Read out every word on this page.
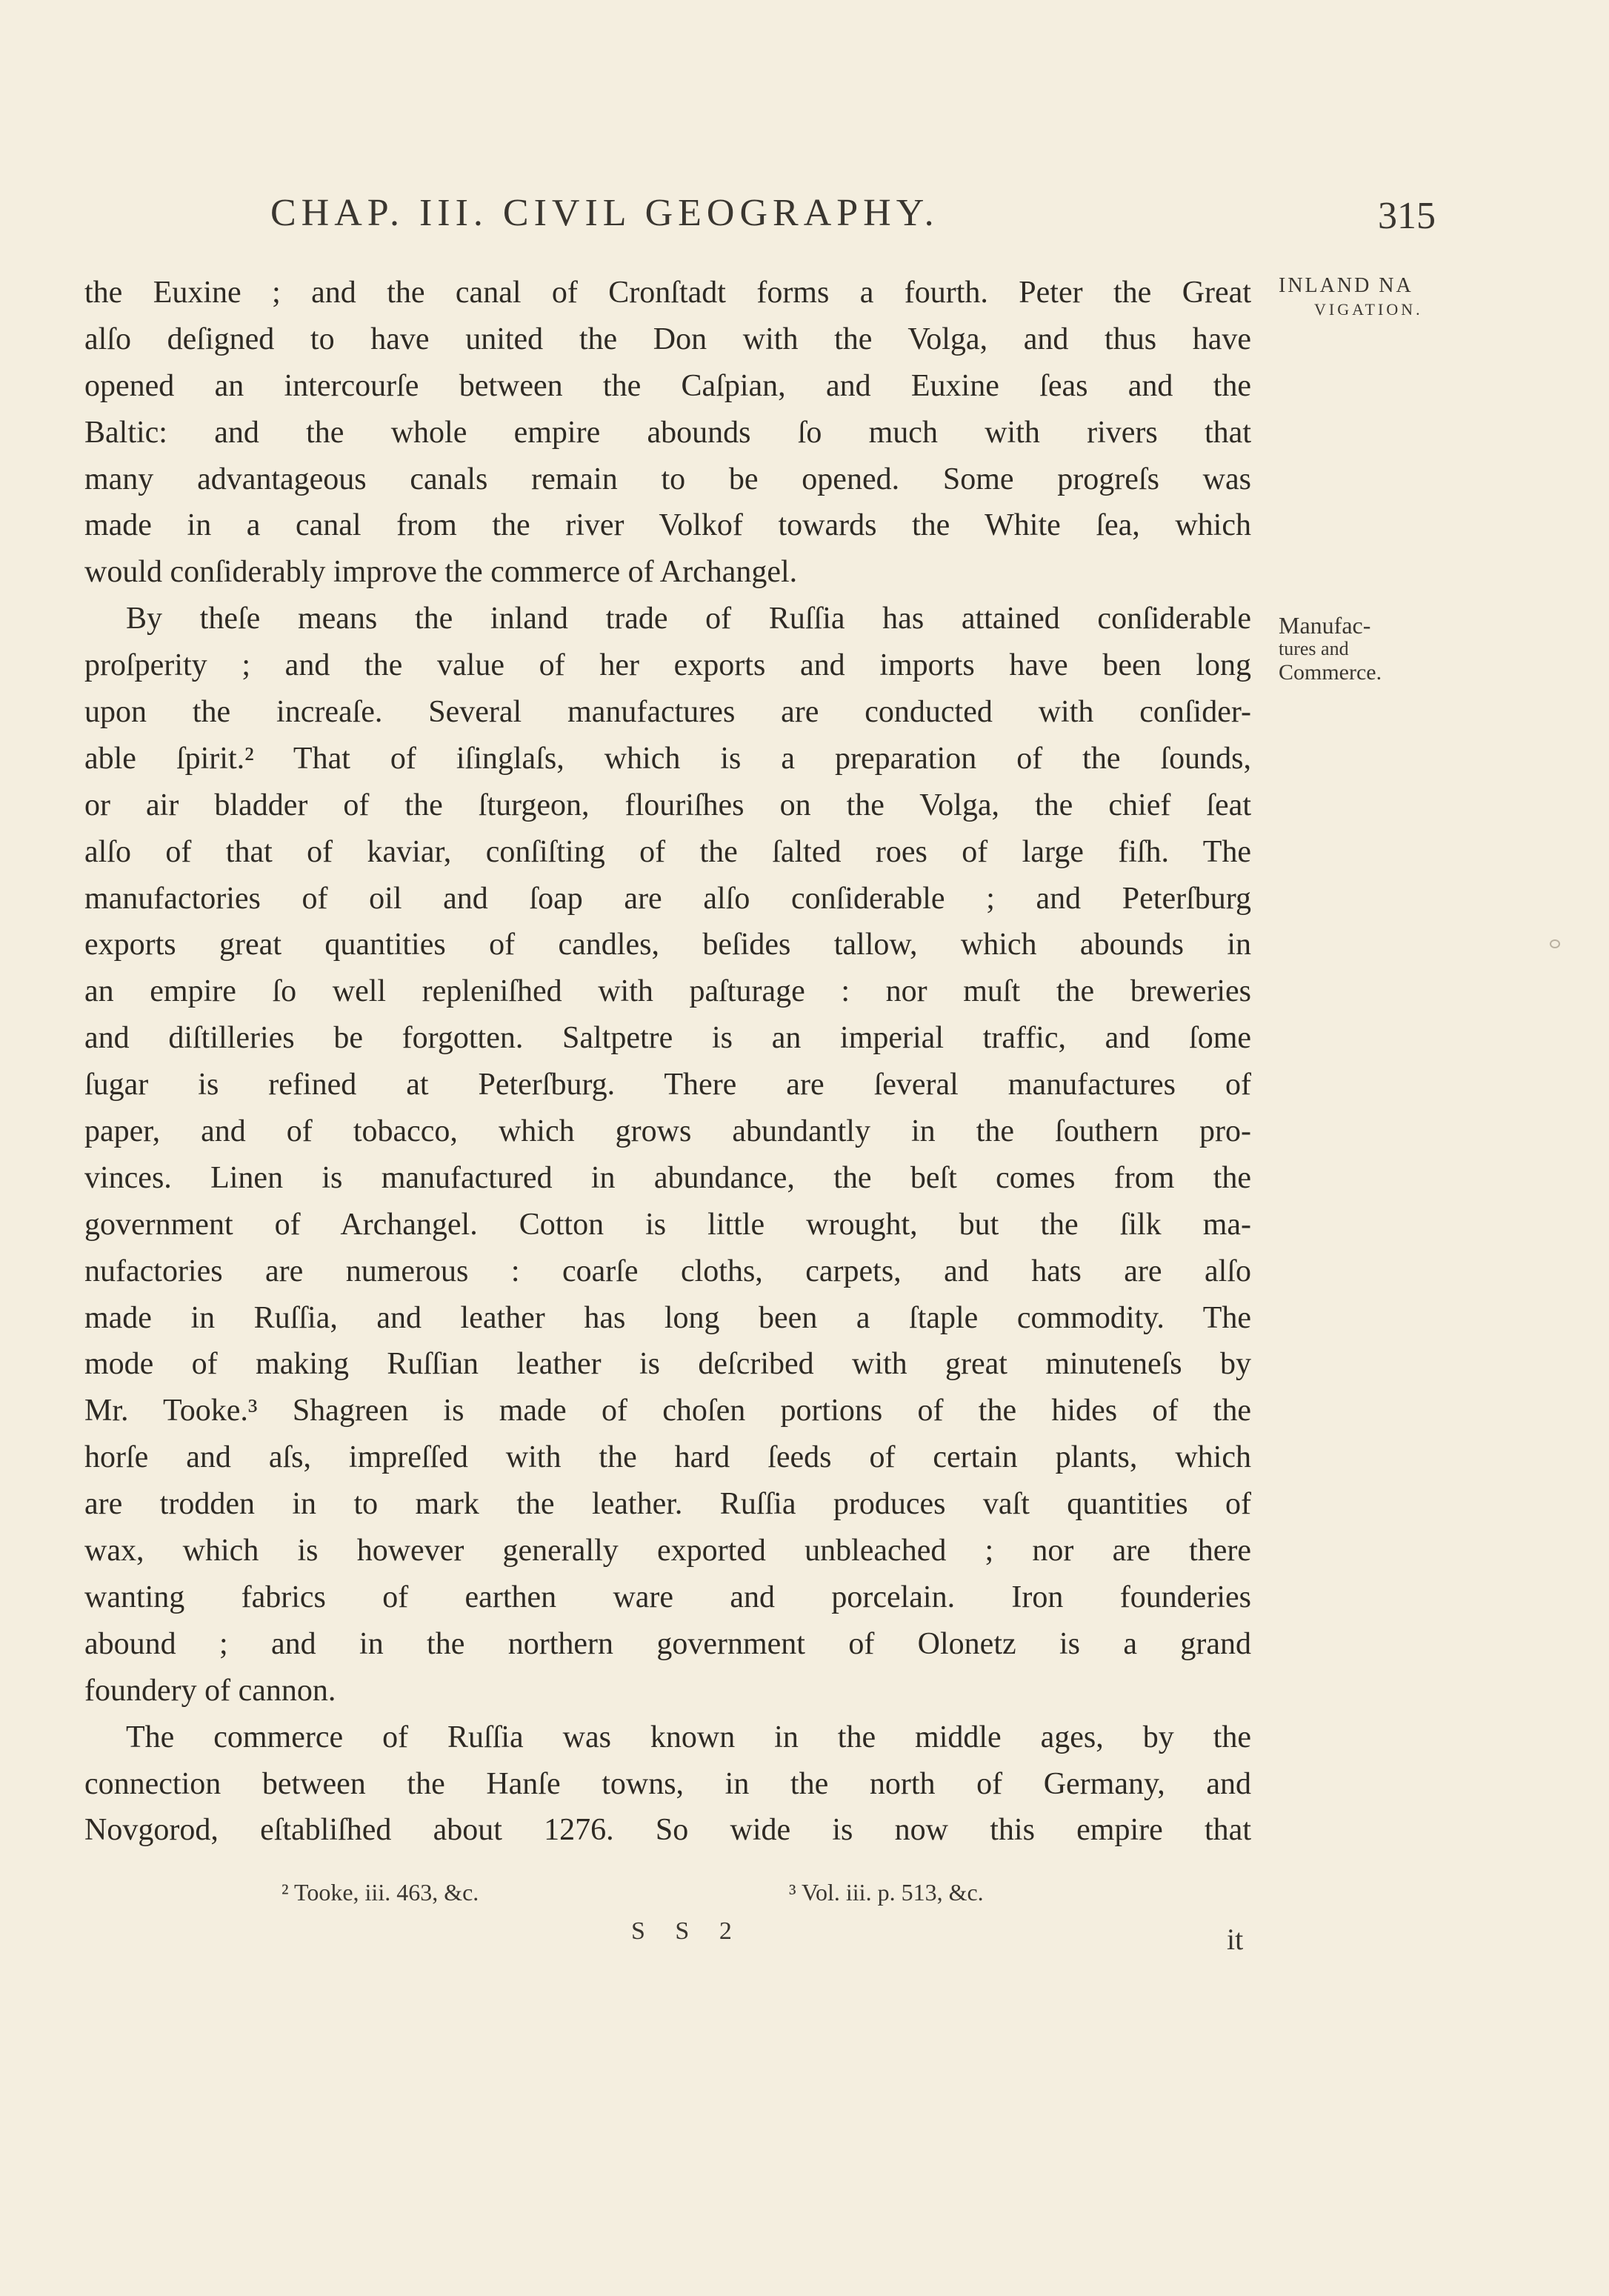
CHAP. III. CIVIL GEOGRAPHY.	315
INLAND NA
VIGATION.
Manufac-
tures and
Commerce.
the Euxine ; and the canal of Cronſtadt forms a fourth. Peter the Great
alſo deſigned to have united the Don with the Volga, and thus have
opened an intercourſe between the Caſpian, and Euxine ſeas and the
Baltic: and the whole empire abounds ſo much with rivers that
many advantageous canals remain to be opened. Some progreſs was
made in a canal from the river Volkof towards the White ſea, which
would conſiderably improve the commerce of Archangel.
By theſe means the inland trade of Ruſſia has attained conſiderable
proſperity ; and the value of her exports and imports have been long
upon the increaſe. Several manufactures are conducted with conſider-
able ſpirit.² That of iſinglaſs, which is a preparation of the ſounds,
or air bladder of the ſturgeon, flouriſhes on the Volga, the chief ſeat
alſo of that of kaviar, conſiſting of the ſalted roes of large fiſh. The
manufactories of oil and ſoap are alſo conſiderable ; and Peterſburg
exports great quantities of candles, beſides tallow, which abounds in
an empire ſo well repleniſhed with paſturage : nor muſt the breweries
and diſtilleries be forgotten. Saltpetre is an imperial traffic, and ſome
ſugar is refined at Peterſburg. There are ſeveral manufactures of
paper, and of tobacco, which grows abundantly in the ſouthern pro-
vinces. Linen is manufactured in abundance, the beſt comes from the
government of Archangel. Cotton is little wrought, but the ſilk ma-
nufactories are numerous : coarſe cloths, carpets, and hats are alſo
made in Ruſſia, and leather has long been a ſtaple commodity. The
mode of making Ruſſian leather is deſcribed with great minuteneſs by
Mr. Tooke.³ Shagreen is made of choſen portions of the hides of the
horſe and aſs, impreſſed with the hard ſeeds of certain plants, which
are trodden in to mark the leather. Ruſſia produces vaſt quantities of
wax, which is however generally exported unbleached ; nor are there
wanting fabrics of earthen ware and porcelain. Iron founderies
abound ; and in the northern government of Olonetz is a grand
foundery of cannon.
The commerce of Ruſſia was known in the middle ages, by the
connection between the Hanſe towns, in the north of Germany, and
Novgorod, eſtabliſhed about 1276. So wide is now this empire that
² Tooke, iii. 463, &c.	³ Vol. iii. p. 513, &c.
S S 2	it
